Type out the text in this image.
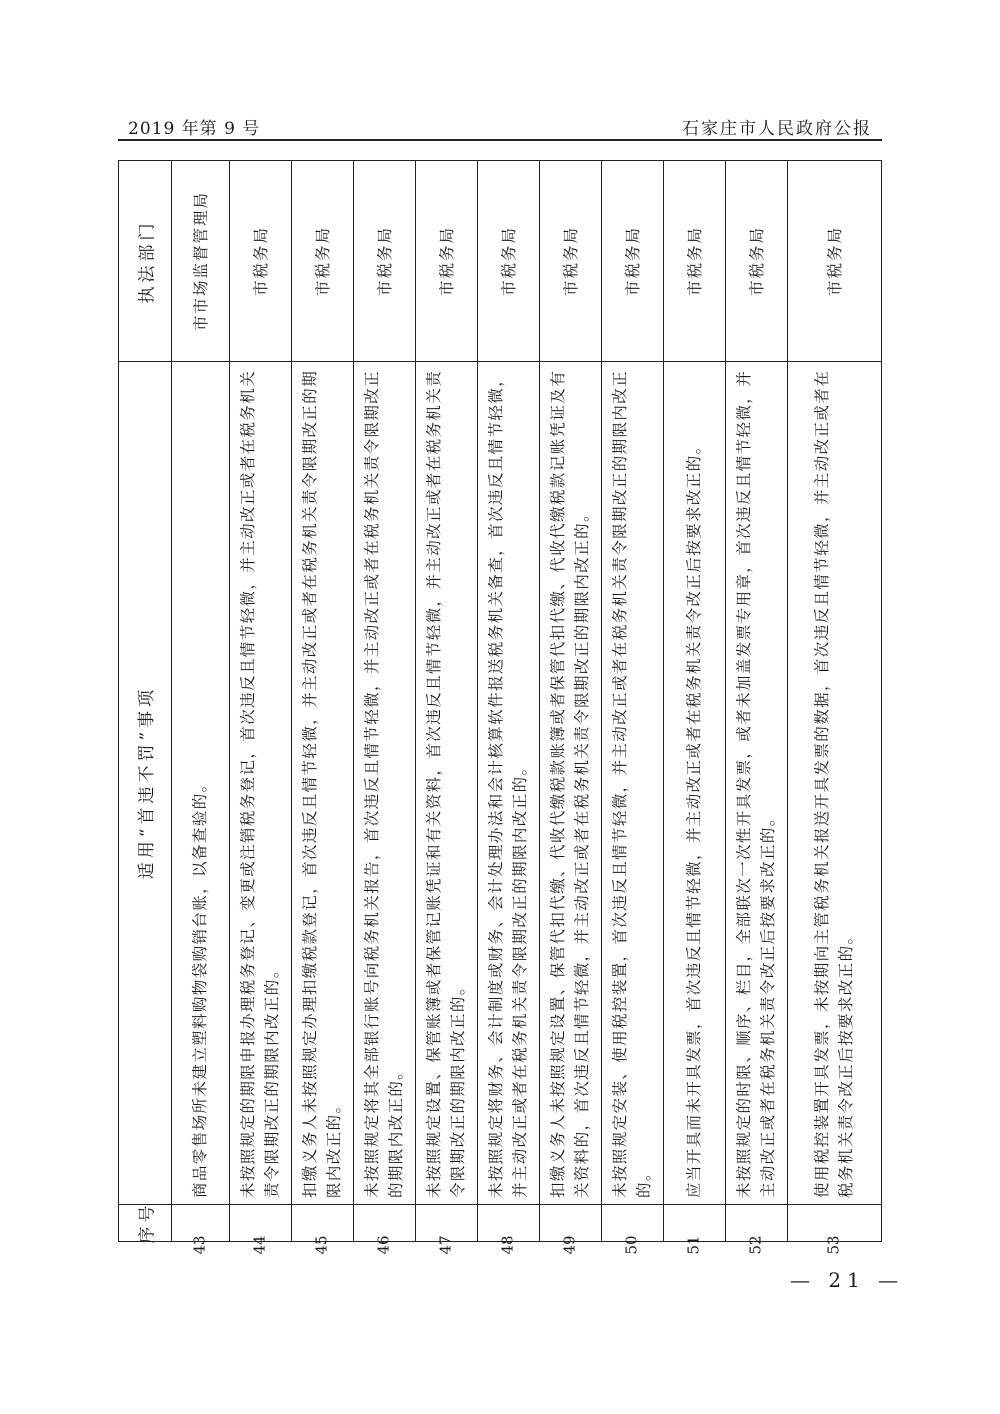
2019 年第 9 号	石家庄市人民政府公报
序号
适用“首违不罚”事项
执法部门
43

商品零售场所未建立塑料购物袋购销台账，以备查验的。

市市场监督管理局
44

未按照规定的期限申报办理税务登记、变更或注销税务登记，首次违反且情节轻微，并主动改正或者在税务机关责令限期改正的期限内改正的。

市税务局
45

扣缴义务人未按照规定办理扣缴税款登记，首次违反且情节轻微，并主动改正或者在税务机关责令限期改正的期限内改正的。

市税务局
46

未按照规定将其全部银行账号向税务机关报告，首次违反且情节轻微，并主动改正或者在税务机关责令限期改正的期限内改正的。

市税务局
47

未按照规定设置、保管账簿或者保管记账凭证和有关资料，首次违反且情节轻微，并主动改正或者在税务机关责令限期改正的期限内改正的。

市税务局
48

未按照规定将财务、会计制度或财务、会计处理办法和会计核算软件报送税务机关备查，首次违反且情节轻微，并主动改正或者在税务机关责令限期改正的期限内改正的。

市税务局
49

扣缴义务人未按照规定设置、保管代扣代缴、代收代缴税款账簿或者保管代扣代缴、代收代缴税款记账凭证及有关资料的，首次违反且情节轻微，并主动改正或者在税务机关责令限期改正的期限内改正的。

市税务局
50

未按照规定安装、使用税控装置，首次违反且情节轻微，并主动改正或者在税务机关责令限期改正的期限内改正的。

市税务局
51

应当开具而未开具发票，首次违反且情节轻微，并主动改正或者在税务机关责令改正后按要求改正的。

市税务局
52

未按照规定的时限、顺序、栏目，全部联次一次性开具发票，或者未加盖发票专用章，首次违反且情节轻微，并主动改正或者在税务机关责令改正后按要求改正的。

市税务局
53

使用税控装置开具发票，未按期向主管税务机关报送开具发票的数据，首次违反且情节轻微，并主动改正或者在税务机关责令改正后按要求改正的。

市税务局
— 21 —
